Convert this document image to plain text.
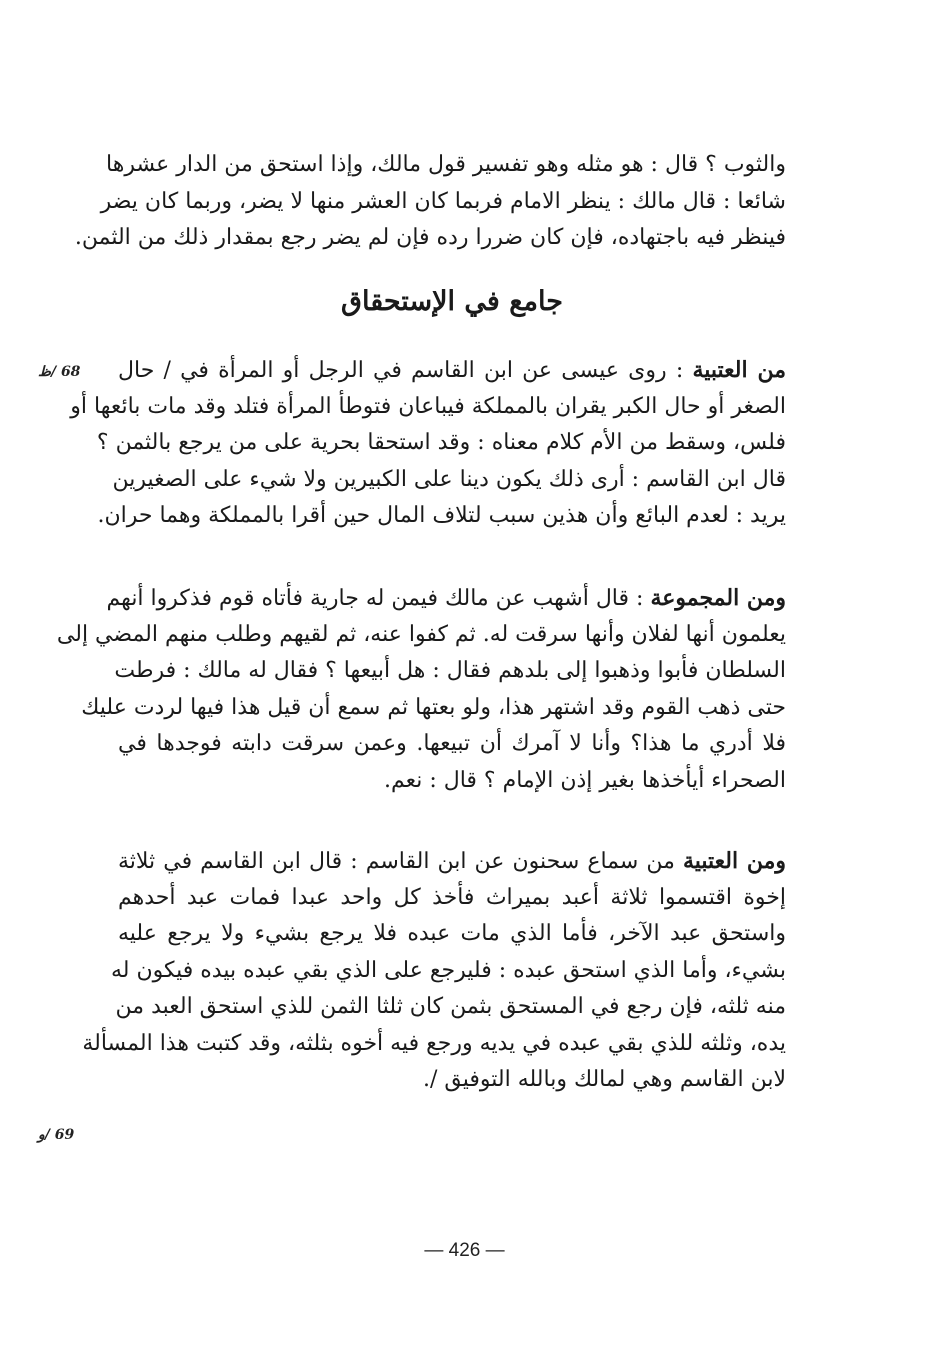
والثوب ؟ قال : هو مثله وهو تفسير قول مالك، وإذا استحق من الدار عشرها
شائعا : قال مالك : ينظر الامام فربما كان العشر منها لا يضر، وربما كان يضر
فينظر فيه باجتهاده، فإن كان ضررا رده فإن لم يضر رجع بمقدار ذلك من الثمن.
جامع في الإستحقاق
من العتبية : روى عيسى عن ابن القاسم في الرجل أو المرأة في / حال
الصغر أو حال الكبر يقران بالمملكة فيباعان فتوطأ المرأة فتلد وقد مات بائعها أو
فلس، وسقط من الأم كلام معناه : وقد استحقا بحرية على من يرجع بالثمن ؟
قال ابن القاسم : أرى ذلك يكون دينا على الكبيرين ولا شيء على الصغيرين
يريد : لعدم البائع وأن هذين سبب لتلاف المال حين أقرا بالمملكة وهما حران.
ومن المجموعة : قال أشهب عن مالك فيمن له جارية فأتاه قوم فذكروا أنهم
يعلمون أنها لفلان وأنها سرقت له. ثم كفوا عنه، ثم لقيهم وطلب منهم المضي إلى
السلطان فأبوا وذهبوا إلى بلدهم فقال : هل أبيعها ؟ فقال له مالك : فرطت
حتى ذهب القوم وقد اشتهر هذا، ولو بعتها ثم سمع أن قيل هذا فيها لردت عليك
فلا أدري ما هذا؟ وأنا لا آمرك أن تبيعها. وعمن سرقت دابته فوجدها في
الصحراء أيأخذها بغير إذن الإمام ؟ قال : نعم.
ومن العتبية من سماع سحنون عن ابن القاسم : قال ابن القاسم في ثلاثة
إخوة اقتسموا ثلاثة أعبد بميراث فأخذ كل واحد عبدا فمات عبد أحدهم
واستحق عبد الآخر، فأما الذي مات عبده فلا يرجع بشيء ولا يرجع عليه
بشيء، وأما الذي استحق عبده : فليرجع على الذي بقي عبده بيده فيكون له
منه ثلثه، فإن رجع في المستحق بثمن كان ثلثا الثمن للذي استحق العبد من
يده، وثلثه للذي بقي عبده في يديه ورجع فيه أخوه بثلثه، وقد كتبت هذا المسألة
لابن القاسم وهي لمالك وبالله التوفيق /.
68 /ظ
69 /و
— 426 —
